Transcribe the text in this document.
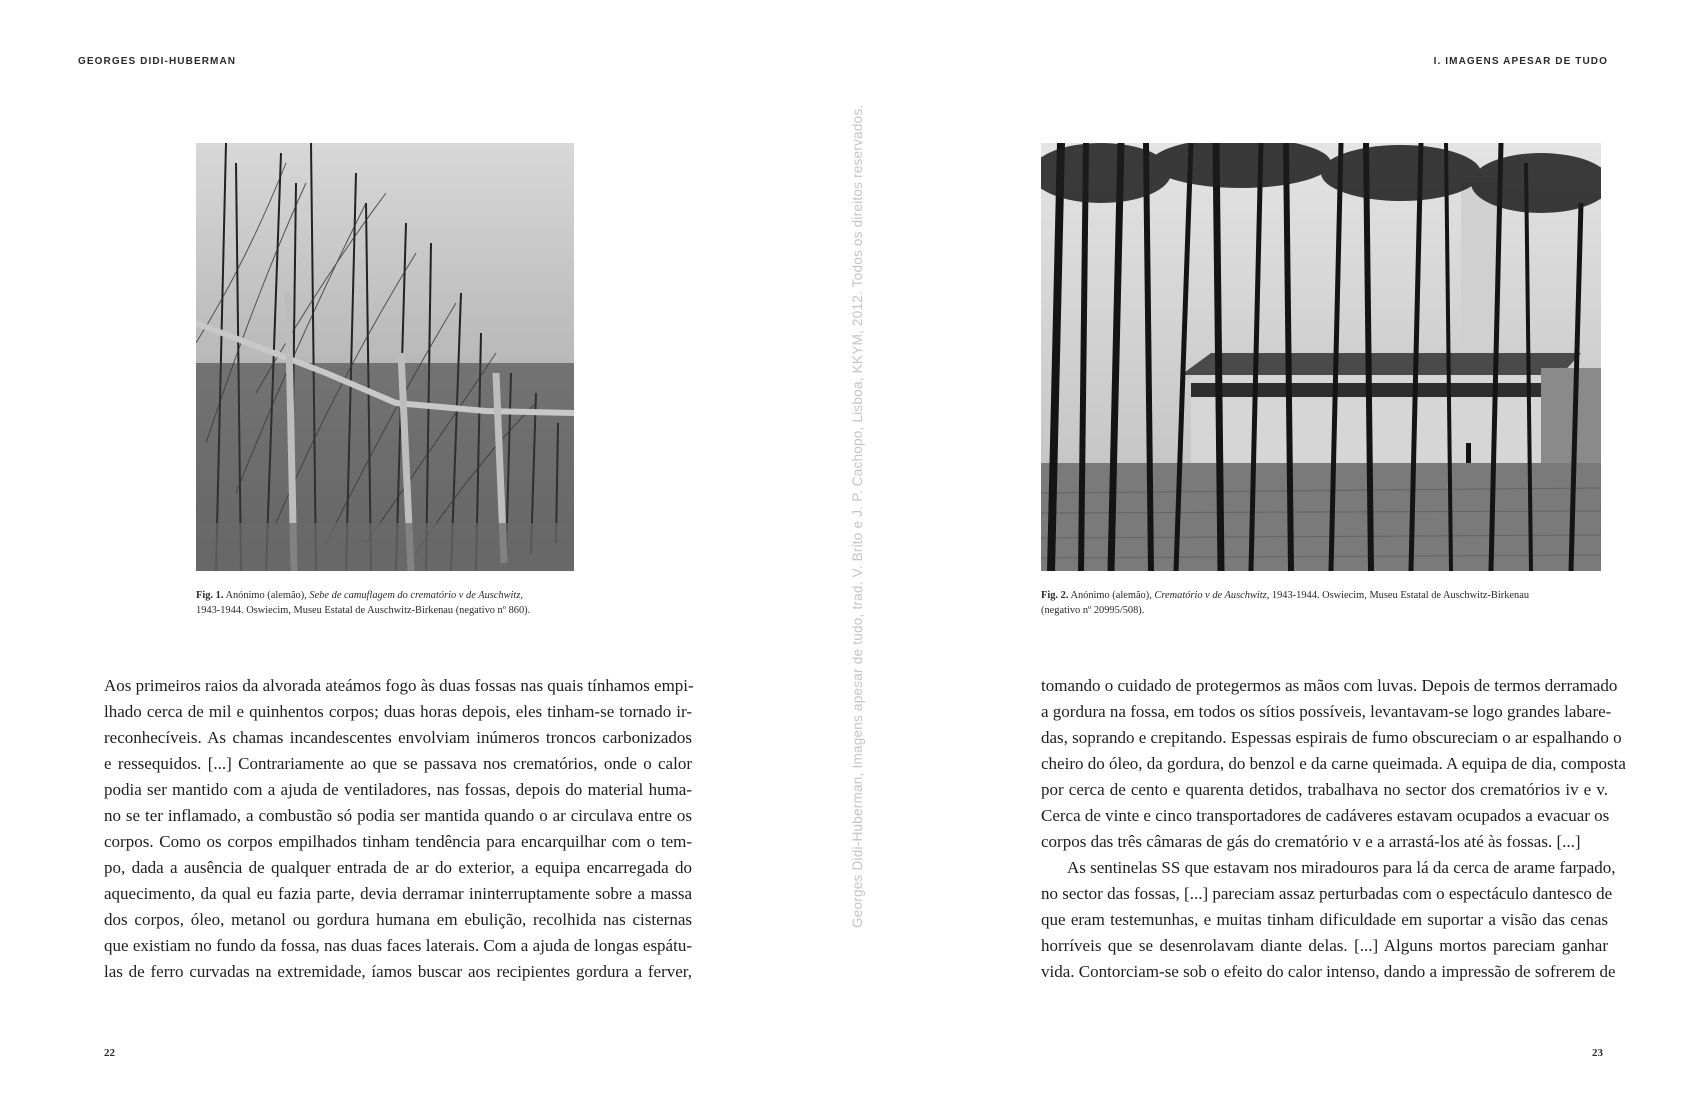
GEORGES DIDI-HUBERMAN
Fig. 1. Anónimo (alemão), Sebe de camuflagem do crematório v de Auschwitz,
1943-1944. Oswiecim, Museu Estatal de Auschwitz-Birkenau (negativo nº 860).
Aos primeiros raios da alvorada ateámos fogo às duas fossas nas quais tínhamos empi-
lhado cerca de mil e quinhentos corpos; duas horas depois, eles tinham-se tornado ir-
reconhecíveis. As chamas incandescentes envolviam inúmeros troncos carbonizados
e ressequidos. [...] Contrariamente ao que se passava nos crematórios, onde o calor
podia ser mantido com a ajuda de ventiladores, nas fossas, depois do material huma-
no se ter inflamado, a combustão só podia ser mantida quando o ar circulava entre os
corpos. Como os corpos empilhados tinham tendência para encarquilhar com o tem-
po, dada a ausência de qualquer entrada de ar do exterior, a equipa encarregada do
aquecimento, da qual eu fazia parte, devia derramar ininterruptamente sobre a massa
dos corpos, óleo, metanol ou gordura humana em ebulição, recolhida nas cisternas
que existiam no fundo da fossa, nas duas faces laterais. Com a ajuda de longas espátu-
las de ferro curvadas na extremidade, íamos buscar aos recipientes gordura a ferver,
22
Georges Didi-Huberman, Imagens apesar de tudo, trad. V. Brito e J. P. Cachopo, Lisboa, KKYM, 2012. Todos os direitos reservados.
I. IMAGENS APESAR DE TUDO
Fig. 2. Anónimo (alemão), Crematório v de Auschwitz, 1943-1944. Oswiecim, Museu Estatal de Auschwitz-Birkenau
(negativo nº 20995/508).
tomando o cuidado de protegermos as mãos com luvas. Depois de termos derramado
a gordura na fossa, em todos os sítios possíveis, levantavam-se logo grandes labare-
das, soprando e crepitando. Espessas espirais de fumo obscureciam o ar espalhando o
cheiro do óleo, da gordura, do benzol e da carne queimada. A equipa de dia, composta
por cerca de cento e quarenta detidos, trabalhava no sector dos crematórios iv e v.
Cerca de vinte e cinco transportadores de cadáveres estavam ocupados a evacuar os
corpos das três câmaras de gás do crematório v e a arrastá-los até às fossas. [...]
As sentinelas SS que estavam nos miradouros para lá da cerca de arame farpado,
no sector das fossas, [...] pareciam assaz perturbadas com o espectáculo dantesco de
que eram testemunhas, e muitas tinham dificuldade em suportar a visão das cenas
horríveis que se desenrolavam diante delas. [...] Alguns mortos pareciam ganhar
vida. Contorciam-se sob o efeito do calor intenso, dando a impressão de sofrerem de
23
